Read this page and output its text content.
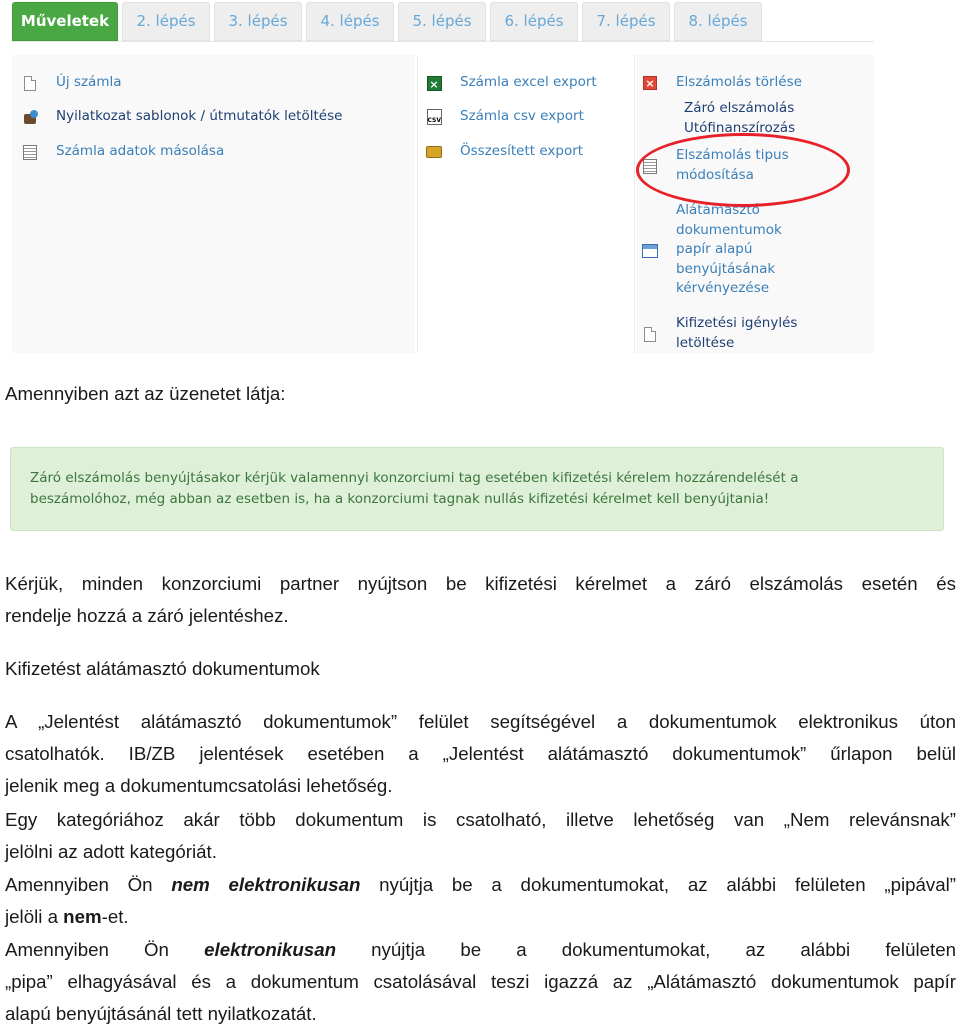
Műveletek	2. lépés	3. lépés	4. lépés	5. lépés	6. lépés	7. lépés	8. lépés
Új számla
Nyilatkozat sablonok / útmutatók letöltése
Számla adatok másolása
× Számla excel export
CSV Számla csv export
Összesített export
× Elszámolás törlése
Záró elszámolás
Utófinanszírozás
Elszámolás tipus
módosítása
Alátámasztó
dokumentumok
papír alapú
benyújtásának
kérvényezése
Kifizetési igénylés
letöltése
Amennyiben azt az üzenetet látja:
Záró elszámolás benyújtásakor kérjük valamennyi konzorciumi tag esetében kifizetési kérelem hozzárendelését a
beszámolóhoz, még abban az esetben is, ha a konzorciumi tagnak nullás kifizetési kérelmet kell benyújtania!
Kérjük, minden konzorciumi partner nyújtson be kifizetési kérelmet a záró elszámolás esetén és
rendelje hozzá a záró jelentéshez.
Kifizetést alátámasztó dokumentumok
A „Jelentést alátámasztó dokumentumok” felület segítségével a dokumentumok elektronikus úton
csatolhatók. IB/ZB jelentések esetében a „Jelentést alátámasztó dokumentumok” űrlapon belül
jelenik meg a dokumentumcsatolási lehetőség.
Egy kategóriához akár több dokumentum is csatolható, illetve lehetőség van „Nem relevánsnak”
jelölni az adott kategóriát.
Amennyiben Ön nem elektronikusan nyújtja be a dokumentumokat, az alábbi felületen „pipával”
jelöli a nem-et.
Amennyiben Ön elektronikusan nyújtja be a dokumentumokat, az alábbi felületen
„pipa” elhagyásával és a dokumentum csatolásával teszi igazzá az „Alátámasztó dokumentumok papír
alapú benyújtásánál tett nyilatkozatát.
